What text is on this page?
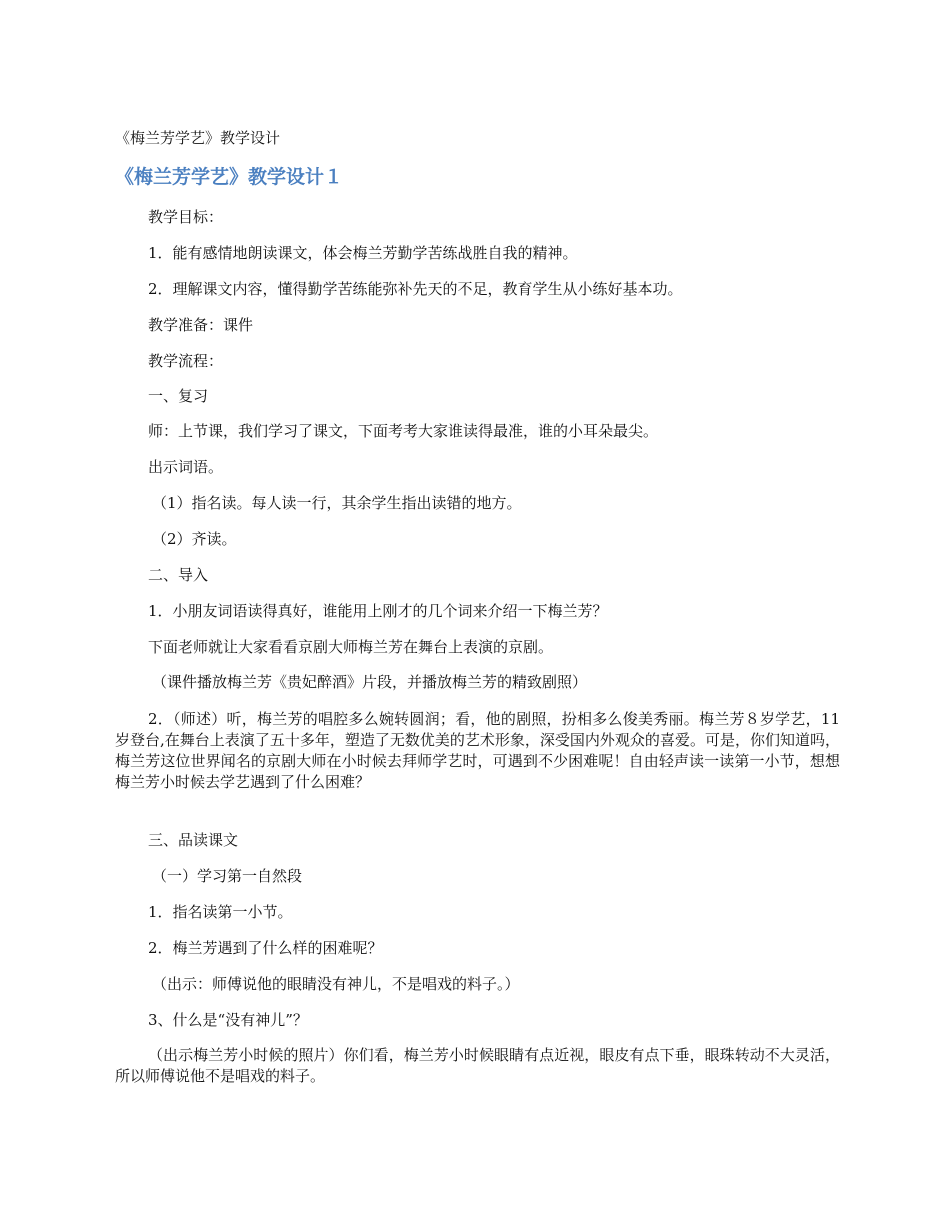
《梅兰芳学艺》教学设计

《梅兰芳学艺》教学设计１

教学目标：

1．能有感情地朗读课文，体会梅兰芳勤学苦练战胜自我的精神。

2．理解课文内容，懂得勤学苦练能弥补先天的不足，教育学生从小练好基本功。

教学准备：课件

教学流程：

一、复习

师：上节课，我们学习了课文，下面考考大家谁读得最准，谁的小耳朵最尖。

出示词语。

（1）指名读。每人读一行，其余学生指出读错的地方。

（2）齐读。

二、导入

1．小朋友词语读得真好，谁能用上刚才的几个词来介绍一下梅兰芳？

下面老师就让大家看看京剧大师梅兰芳在舞台上表演的京剧。

（课件播放梅兰芳《贵妃醉酒》片段，并播放梅兰芳的精致剧照）

2．（师述）听，梅兰芳的唱腔多么婉转圆润；看，他的剧照，扮相多么俊美秀丽。梅兰芳８岁学艺，11岁登台,在舞台上表演了五十多年，塑造了无数优美的艺术形象，深受国内外观众的喜爱。可是，你们知道吗，梅兰芳这位世界闻名的京剧大师在小时候去拜师学艺时，可遇到不少困难呢！自由轻声读一读第一小节，想想梅兰芳小时候去学艺遇到了什么困难？

三、品读课文

（一）学习第一自然段

1．指名读第一小节。

2．梅兰芳遇到了什么样的困难呢？

（出示：师傅说他的眼睛没有神儿，不是唱戏的料子。）

3、什么是“没有神儿”？

（出示梅兰芳小时候的照片）你们看，梅兰芳小时候眼睛有点近视，眼皮有点下垂，眼珠转动不大灵活，所以师傅说他不是唱戏的料子。
